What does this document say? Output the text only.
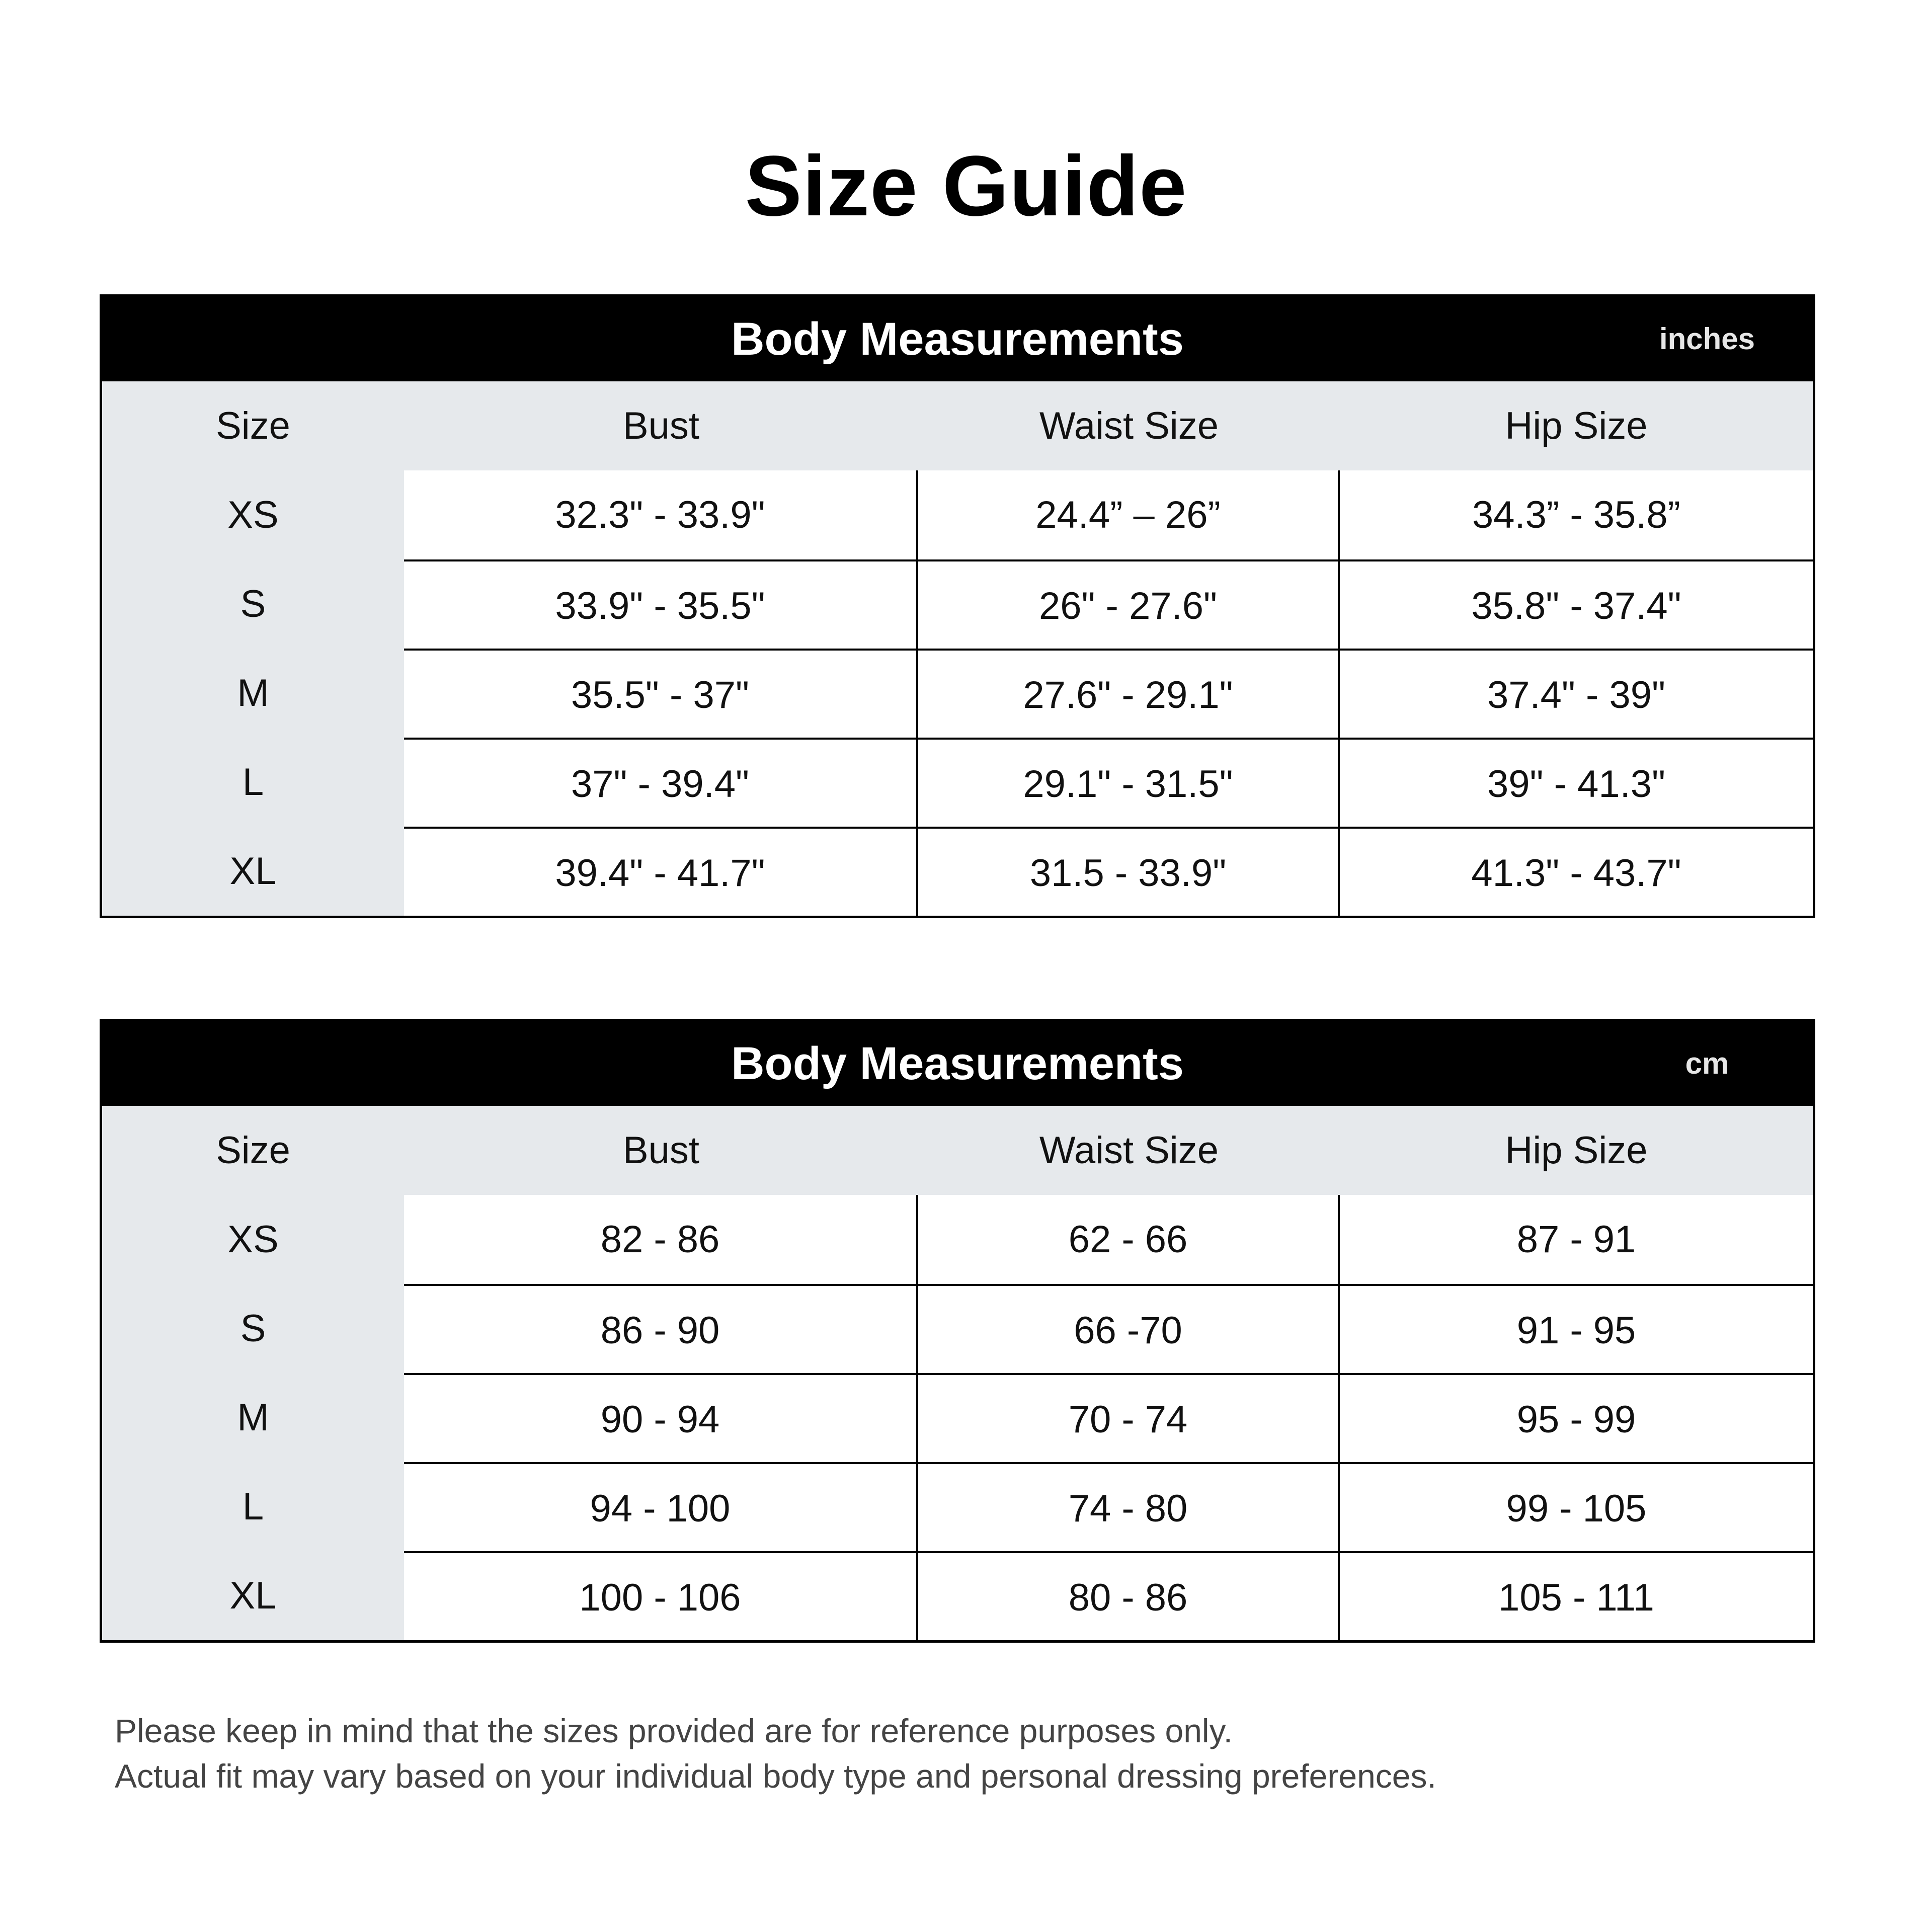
Size Guide
Body Measurements	inches
Size	Bust	Waist Size	Hip Size
XS	32.3" - 33.9"	24.4” – 26”	34.3” - 35.8”
S	33.9" - 35.5"	26" - 27.6"	35.8" - 37.4"
M	35.5" - 37"	27.6" - 29.1"	37.4" - 39"
L	37" - 39.4"	29.1" - 31.5"	39" - 41.3"
XL	39.4" - 41.7"	31.5 - 33.9"	41.3" - 43.7"
Body Measurements	cm
Size	Bust	Waist Size	Hip Size
XS	82 - 86	62 - 66	87 - 91
S	86 - 90	66 -70	91 - 95
M	90 - 94	70 - 74	95 - 99
L	94 - 100	74 - 80	99 - 105
XL	100 - 106	80 - 86	105 - 111
Please keep in mind that the sizes provided are for reference purposes only.
Actual fit may vary based on your individual body type and personal dressing preferences.
